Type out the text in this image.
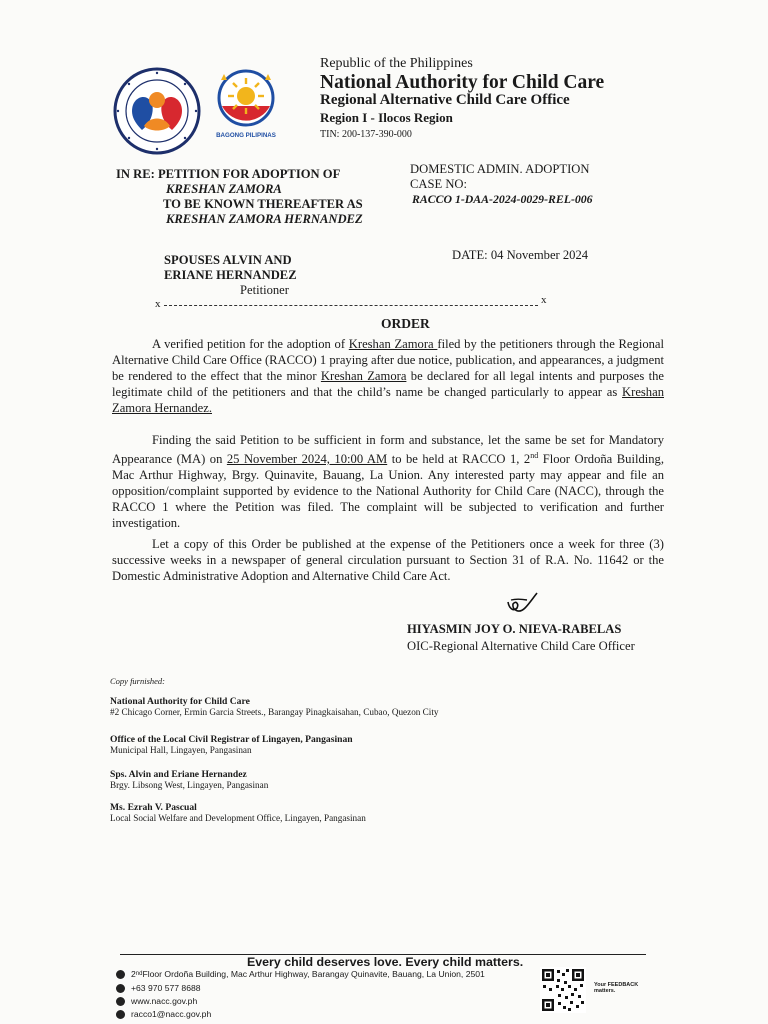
BAGONG PILIPINAS
Republic of the Philippines
National Authority for Child Care
Regional Alternative Child Care Office
Region I - Ilocos Region
TIN: 200-137-390-000
IN RE: PETITION FOR ADOPTION OF
KRESHAN ZAMORA
TO BE KNOWN THEREAFTER AS
KRESHAN ZAMORA HERNANDEZ
DOMESTIC ADMIN. ADOPTION
CASE NO:
RACCO 1-DAA-2024-0029-REL-006
SPOUSES ALVIN AND
ERIANE HERNANDEZ
Petitioner
DATE: 04 November 2024
x	x
ORDER

A verified petition for the adoption of Kreshan Zamora filed by the petitioners through the Regional Alternative Child Care Office (RACCO) 1 praying after due notice, publication, and appearances, a judgment be rendered to the effect that the minor Kreshan Zamora be declared for all legal intents and purposes the legitimate child of the petitioners and that the child’s name be changed particularly to appear as Kreshan Zamora Hernandez.

Finding the said Petition to be sufficient in form and substance, let the same be set for Mandatory Appearance (MA) on 25 November 2024, 10:00 AM to be held at RACCO 1, 2nd Floor Ordoña Building, Mac Arthur Highway, Brgy. Quinavite, Bauang, La Union. Any interested party may appear and file an opposition/complaint supported by evidence to the National Authority for Child Care (NACC), through the RACCO 1 where the Petition was filed. The complaint will be subjected to verification and further investigation.

Let a copy of this Order be published at the expense of the Petitioners once a week for three (3) successive weeks in a newspaper of general circulation pursuant to Section 31 of R.A. No. 11642 or the Domestic Administrative Adoption and Alternative Child Care Act.

HIYASMIN JOY O. NIEVA-RABELAS
OIC-Regional Alternative Child Care Officer
Copy furnished:
National Authority for Child Care
#2 Chicago Corner, Ermin Garcia Streets., Barangay Pinagkaisahan, Cubao, Quezon City
Office of the Local Civil Registrar of Lingayen, Pangasinan
Municipal Hall, Lingayen, Pangasinan
Sps. Alvin and Eriane Hernandez
Brgy. Libsong West, Lingayen, Pangasinan
Ms. Ezrah V. Pascual
Local Social Welfare and Development Office, Lingayen, Pangasinan
Every child deserves love. Every child matters.
2 nd Floor Ordoña Building, Mac Arthur Highway, Barangay Quinavite, Bauang, La Union, 2501
+63 970 577 8688
www.nacc.gov.ph
racco1@nacc.gov.ph
Your FEEDBACK matters.
